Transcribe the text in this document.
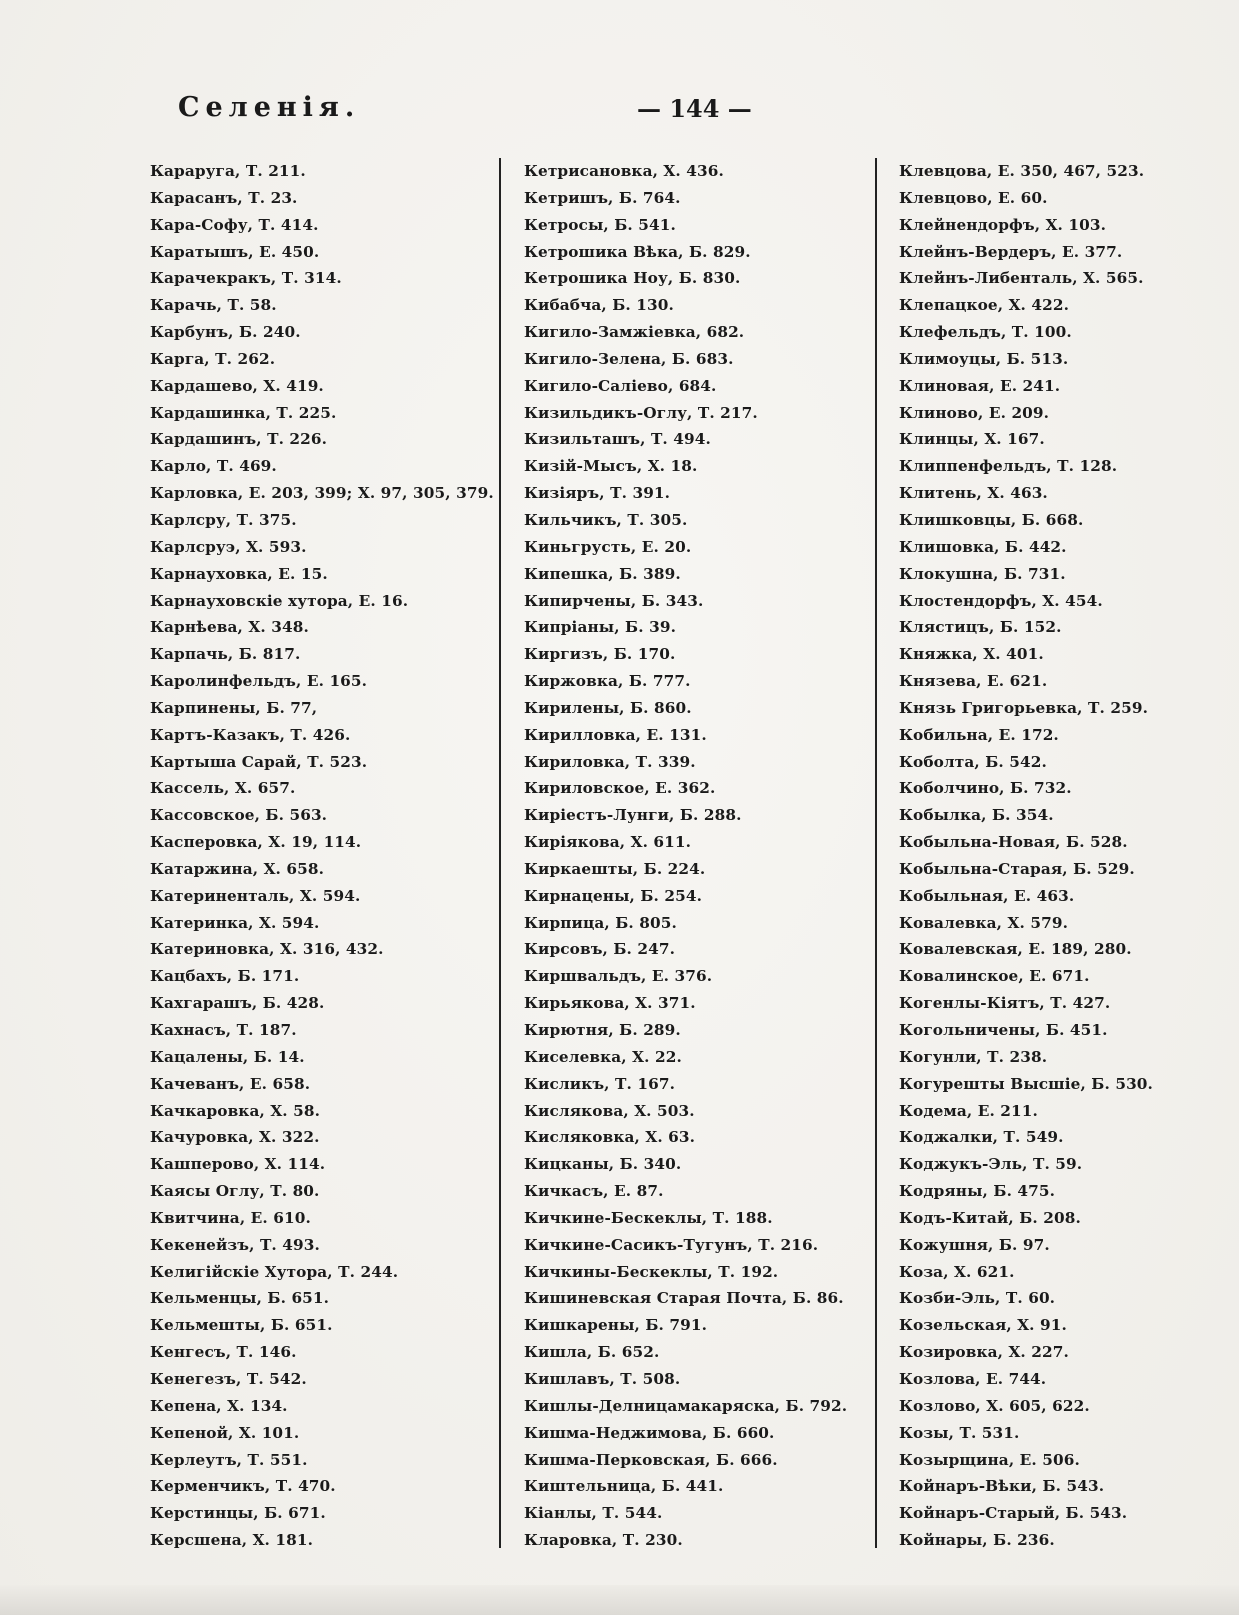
Селенія.	— 144 —
Карaруга, Т. 211.
Карасанъ, Т. 23.
Кара-Софу, Т. 414.
Каратышъ, Е. 450.
Карачекракъ, Т. 314.
Карачь, Т. 58.
Карбунъ, Б. 240.
Карга, Т. 262.
Кардашево, Х. 419.
Кардашинка, Т. 225.
Кардашинъ, Т. 226.
Карло, Т. 469.
Карловка, Е. 203, 399; Х. 97, 305, 379.
Карлсру, Т. 375.
Карлсруэ, Х. 593.
Карнауховка, Е. 15.
Карнауховскіе хутора, Е. 16.
Карнѣева, Х. 348.
Карпачь, Б. 817.
Каролинфельдъ, Е. 165.
Карпинены, Б. 77,
Картъ-Казакъ, Т. 426.
Картыша Сарай, Т. 523.
Кассель, Х. 657.
Кассовское, Б. 563.
Касперовка, Х. 19, 114.
Катаржина, Х. 658.
Катериненталь, Х. 594.
Катеринка, Х. 594.
Катериновка, Х. 316, 432.
Кацбахъ, Б. 171.
Кахгарашъ, Б. 428.
Кахнасъ, Т. 187.
Кацалены, Б. 14.
Качеванъ, Е. 658.
Качкаровка, Х. 58.
Качуровка, Х. 322.
Кашперово, Х. 114.
Каясы Оглу, Т. 80.
Квитчина, Е. 610.
Кекенейзъ, Т. 493.
Келигійскіе Хутора, Т. 244.
Кельменцы, Б. 651.
Кельмешты, Б. 651.
Кенгесъ, Т. 146.
Кенегезъ, Т. 542.
Кепена, Х. 134.
Кепеной, Х. 101.
Керлеутъ, Т. 551.
Керменчикъ, Т. 470.
Керстинцы, Б. 671.
Керсшена, Х. 181.
Кетрисановка, Х. 436.
Кетришъ, Б. 764.
Кетросы, Б. 541.
Кетрошика Вѣка, Б. 829.
Кетрошика Ноу, Б. 830.
Кибабча, Б. 130.
Кигило-Замжіевка, 682.
Кигило-Зелена, Б. 683.
Кигило-Саліево, 684.
Кизильдикъ-Оглу, Т. 217.
Кизильташъ, Т. 494.
Кизій-Мысъ, Х. 18.
Кизіяръ, Т. 391.
Кильчикъ, Т. 305.
Киньгрусть, Е. 20.
Кипешка, Б. 389.
Кипирчены, Б. 343.
Кипріаны, Б. 39.
Киргизъ, Б. 170.
Киржовка, Б. 777.
Кирилены, Б. 860.
Кирилловка, Е. 131.
Кириловка, Т. 339.
Кириловское, Е. 362.
Киріестъ-Лунги, Б. 288.
Киріякова, Х. 611.
Киркаешты, Б. 224.
Кирнацены, Б. 254.
Кирпица, Б. 805.
Кирсовъ, Б. 247.
Киршвальдъ, Е. 376.
Кирьякова, Х. 371.
Кирютня, Б. 289.
Киселевка, Х. 22.
Кисликъ, Т. 167.
Кислякова, Х. 503.
Кисляковка, Х. 63.
Кицканы, Б. 340.
Кичкасъ, Е. 87.
Кичкине-Бескеклы, Т. 188.
Кичкине-Сасикъ-Тугунъ, Т. 216.
Кичкины-Бескеклы, Т. 192.
Кишиневская Старая Почта, Б. 86.
Кишкарены, Б. 791.
Кишла, Б. 652.
Кишлавъ, Т. 508.
Кишлы-Делницамакаряска, Б. 792.
Кишма-Неджимова, Б. 660.
Кишма-Перковская, Б. 666.
Киштельница, Б. 441.
Кіанлы, Т. 544.
Кларовка, Т. 230.
Клевцова, Е. 350, 467, 523.
Клевцово, Е. 60.
Клейнендорфъ, Х. 103.
Клейнъ-Вердеръ, Е. 377.
Клейнъ-Либенталь, Х. 565.
Клепацкое, Х. 422.
Клефельдъ, Т. 100.
Климоуцы, Б. 513.
Клиновая, Е. 241.
Клиново, Е. 209.
Клинцы, Х. 167.
Клиппенфельдъ, Т. 128.
Клитень, Х. 463.
Клишковцы, Б. 668.
Клишовка, Б. 442.
Клокушна, Б. 731.
Клостендорфъ, Х. 454.
Клястицъ, Б. 152.
Княжка, Х. 401.
Князева, Е. 621.
Князь Григорьевка, Т. 259.
Кобильна, Е. 172.
Коболта, Б. 542.
Коболчино, Б. 732.
Кобылка, Б. 354.
Кобыльна-Новая, Б. 528.
Кобыльна-Старая, Б. 529.
Кобыльная, Е. 463.
Ковалевка, Х. 579.
Ковалевская, Е. 189, 280.
Ковалинское, Е. 671.
Когенлы-Кіятъ, Т. 427.
Когольничены, Б. 451.
Когунли, Т. 238.
Когурешты Высшіе, Б. 530.
Кодема, Е. 211.
Коджалки, Т. 549.
Коджукъ-Эль, Т. 59.
Кодряны, Б. 475.
Кодъ-Китай, Б. 208.
Кожушня, Б. 97.
Коза, Х. 621.
Козби-Эль, Т. 60.
Козельская, Х. 91.
Козировка, Х. 227.
Козлова, Е. 744.
Козлово, Х. 605, 622.
Козы, Т. 531.
Козырщина, Е. 506.
Койнаръ-Вѣки, Б. 543.
Койнаръ-Старый, Б. 543.
Койнары, Б. 236.
